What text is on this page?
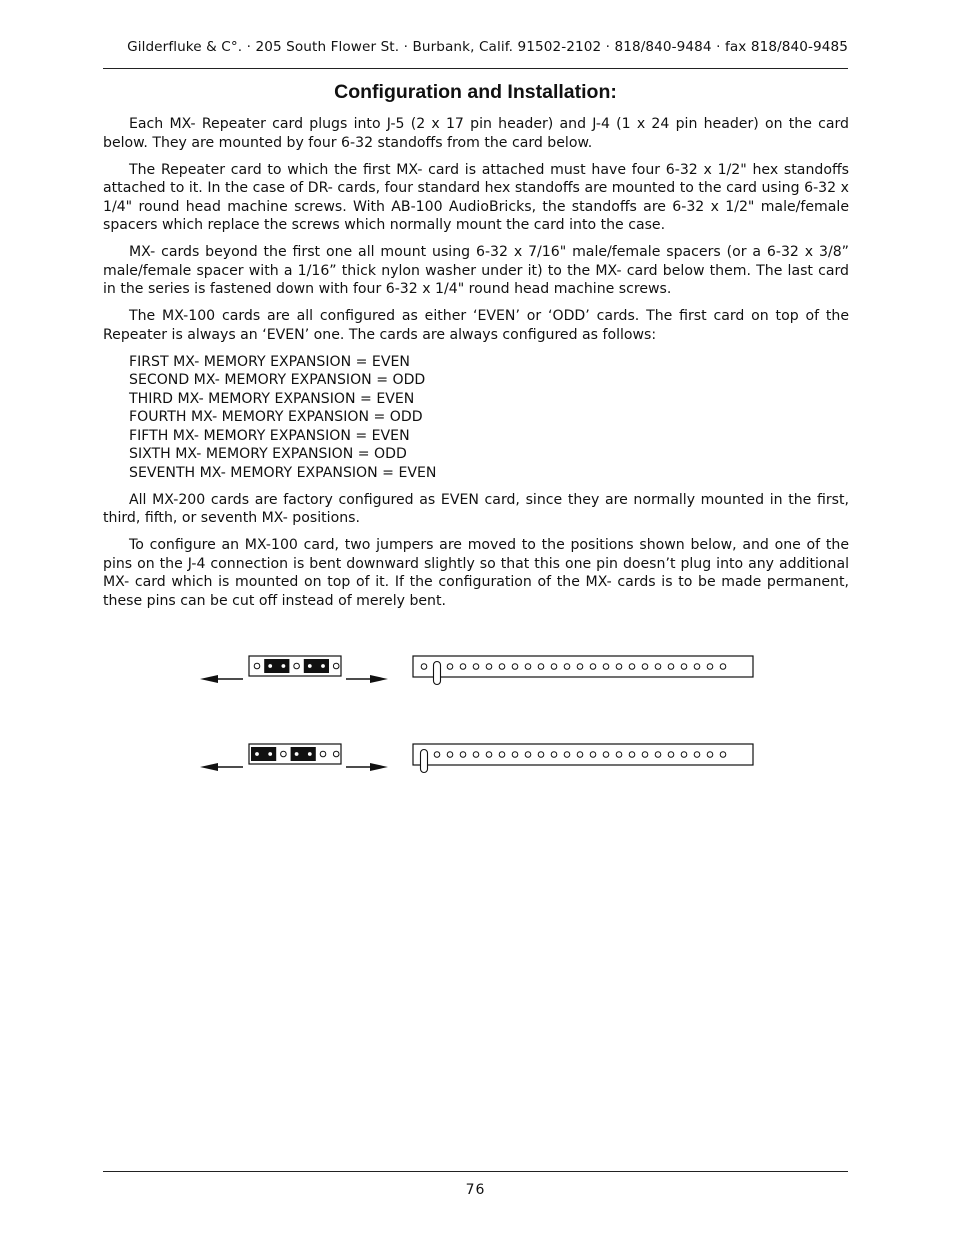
Gilderfluke & C°. · 205 South Flower St. · Burbank, Calif. 91502-2102 · 818/840-9484 · fax 818/840-9485
Configuration and Installation:

Each MX- Repeater card plugs into J-5 (2 x 17 pin header) and J-4 (1 x 24 pin header) on the card below. They are mounted by four 6-32 standoffs from the card below.

The Repeater card to which the first MX- card is attached must have four 6-32 x 1/2" hex standoffs attached to it. In the case of DR- cards, four standard hex standoffs are mounted to the card using 6-32 x 1/4" round head machine screws. With AB-100 AudioBricks, the standoffs are 6-32 x 1/2" male/female spacers which replace the screws which normally mount the card into the case.

MX- cards beyond the first one all mount using 6-32 x 7/16" male/female spacers (or a 6-32 x 3/8” male/female spacer with a 1/16” thick nylon washer under it) to the MX- card below them. The last card in the series is fastened down with four 6-32 x 1/4" round head machine screws.

The MX-100 cards are all configured as either ‘EVEN’ or ‘ODD’ cards. The first card on top of the Repeater is always an ‘EVEN’ one. The cards are always configured as follows:

FIRST MX- MEMORY EXPANSION = EVEN
SECOND MX- MEMORY EXPANSION = ODD
THIRD MX- MEMORY EXPANSION = EVEN
FOURTH MX- MEMORY EXPANSION = ODD
FIFTH MX- MEMORY EXPANSION = EVEN
SIXTH MX- MEMORY EXPANSION = ODD
SEVENTH MX- MEMORY EXPANSION = EVEN

All MX-200 cards are factory configured as EVEN card, since they are normally mounted in the first, third, fifth, or seventh MX- positions.

To configure an MX-100 card, two jumpers are moved to the positions shown below, and one of the pins on the J-4 connection is bent downward slightly so that this one pin doesn’t plug into any additional MX- card which is mounted on top of it. If the configuration of the MX- cards is to be made permanent, these pins can be cut off instead of merely bent.

76
